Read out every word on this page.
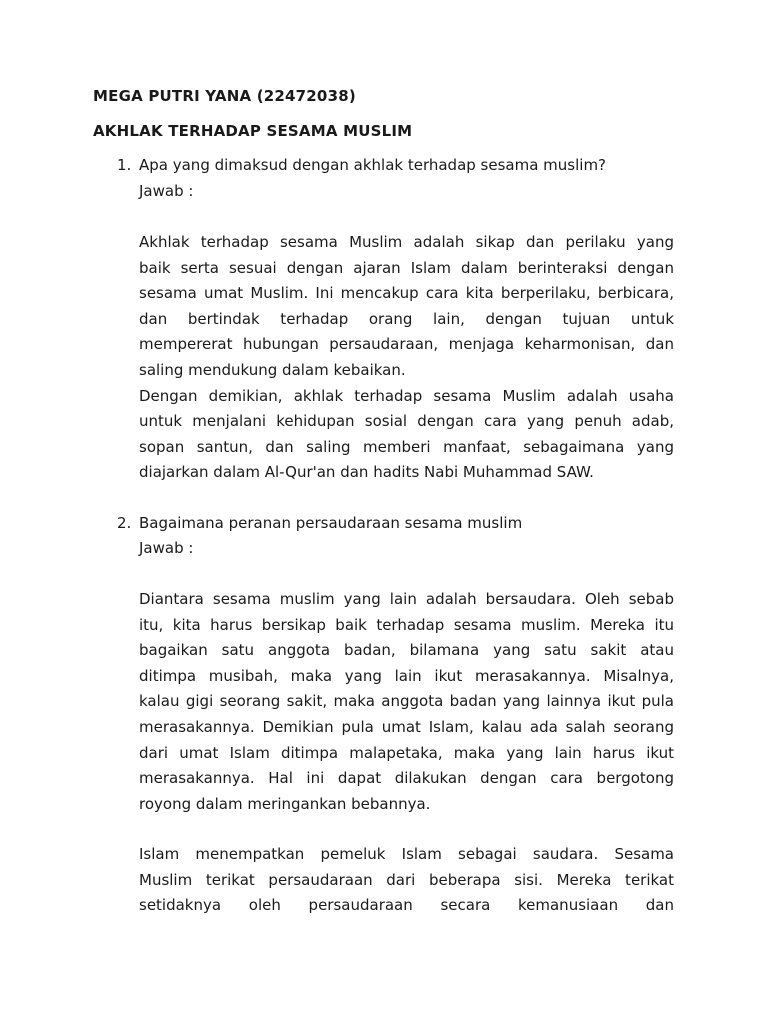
MEGA PUTRI YANA (22472038)
AKHLAK TERHADAP SESAMA MUSLIM
1. Apa yang dimaksud dengan akhlak terhadap sesama muslim?
Jawab :
Akhlak terhadap sesama Muslim adalah sikap dan perilaku yang
baik serta sesuai dengan ajaran Islam dalam berinteraksi dengan
sesama umat Muslim. Ini mencakup cara kita berperilaku, berbicara,
dan bertindak terhadap orang lain, dengan tujuan untuk
mempererat hubungan persaudaraan, menjaga keharmonisan, dan
saling mendukung dalam kebaikan.
Dengan demikian, akhlak terhadap sesama Muslim adalah usaha
untuk menjalani kehidupan sosial dengan cara yang penuh adab,
sopan santun, dan saling memberi manfaat, sebagaimana yang
diajarkan dalam Al-Qur'an dan hadits Nabi Muhammad SAW.
2. Bagaimana peranan persaudaraan sesama muslim
Jawab :
Diantara sesama muslim yang lain adalah bersaudara. Oleh sebab
itu, kita harus bersikap baik terhadap sesama muslim. Mereka itu
bagaikan satu anggota badan, bilamana yang satu sakit atau
ditimpa musibah, maka yang lain ikut merasakannya. Misalnya,
kalau gigi seorang sakit, maka anggota badan yang lainnya ikut pula
merasakannya. Demikian pula umat Islam, kalau ada salah seorang
dari umat Islam ditimpa malapetaka, maka yang lain harus ikut
merasakannya. Hal ini dapat dilakukan dengan cara bergotong
royong dalam meringankan bebannya.
Islam menempatkan pemeluk Islam sebagai saudara. Sesama
Muslim terikat persaudaraan dari beberapa sisi. Mereka terikat
setidaknya oleh persaudaraan secara kemanusiaan dan
